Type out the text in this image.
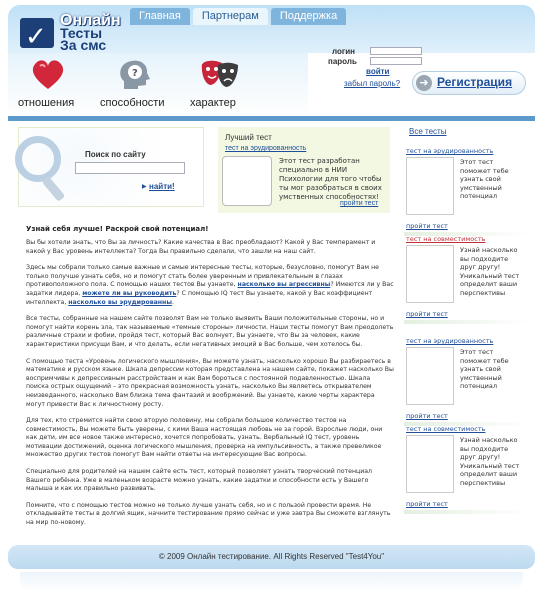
✓
Онлайн
Тесты
За смс
Главная	Партнерам	Поддержка
отношения
?
способности характер
логин
пароль
войти
забыл пароль?	➜ Регистрация
Поиск по сайту
▶ найти!
Лучший тест
тест на эрудированность
Этот тест разработан специально в НИИ Психологии для того чтобы ты мог разобраться в своих умственных способностях!
пройти тест
Узнай себя лучше! Раскрой свой потенциал!

Вы бы хотели знать, что Вы за личность? Какие качества в Вас преобладают? Какой у Вас темперамент и какой у Вас уровень интеллекта? Тогда Вы правильно сделали, что зашли на наш сайт.

Здесь мы собрали только самые важные и самые интересные тесты, которые, безусловно, помогут Вам не только получше узнать себя, но и помогут стать более уверенным и привлекательным в глазах противоположного пола. С помощью наших тестов Вы узнаете, насколько вы агрессивны? Имеются ли у Вас задатки лидера, можете ли вы руководить? С помощью IQ тест Вы узнаете, какой у Вас коэффициент интеллекта, насколько вы эрудированны.

Все тесты, собранные на нашем сайте позволят Вам не только выявить Ваши положительные стороны, но и помогут найти корень зла, так называемые «темные стороны» личности. Наши тесты помогут Вам преодолеть различные страхи и фобии, пройдя тест, который Вас волнует, Вы узнаете, что Вы за человек, какие характеристики присущи Вам, и что делать, если негативных эмоций в Вас больше, чем хотелось бы.

С помощью теста «Уровень логического мышления», Вы можете узнать, насколько хорошо Вы разбираетесь в математике и русском языке. Шкала депрессии которая представлена на нашем сайте, покажет насколько Вы воспримчивы к депрессивным расстройствам и как Вам бороться с постоянной подавленностью. Шкала поиска острых ощущений – это прекрасная возможность узнать, насколько Вы являетесь открывателем неизведанного, насколько Вам близка тема фантазий и вообржений. Вы узнаете, какие черты характера могут привести Вас к личностному росту.

Для тех, кто стремится найти свою вторую половину, мы собрали большое количество тестов на совместимость, Вы можете быть уверены, с кими Ваша настоящая любовь не за горой. Взрослые люди, они как дети, им все новое также интересно, хочется попробовать, узнать. Вербальный IQ тест, уровень мотивации достижений, оценка логического мышления, проверка на импульсивность, а также превеликое множество других тестов помогут Вам найти ответы на интересующие Вас вопросы.

Специально для родителей на нашем сайте есть тест, который позволяет узнать творческий потенциал Вашего ребёнка. Уже в маленьком возрасте можно узнать, какие задатки и способности есть у Вашего малыша и как их правильно развивать.

Помните, что с помощью тестов можно не только лучше узнать себя, но и с пользой провести время. Не откладывайте тесты в долгий ящик, начните тестирование прямо сейчас и уже завтра Вы сможете взглянуть на мир по-новому.

Все тесты
тест на эрудированность
Этот тест поможет тебе узнать свой умственный потенциал
пройти тест
тест на совместимость
Узнай насколько вы подходите друг другу! Уникальный тест определит ваши перспективы
пройти тест
тест на эрудированность
Этот тест поможет тебе узнать свой умственный потенциал
пройти тест
тест на совместимость
Узнай насколько вы подходите друг другу! Уникальный тест определит ваши перспективы
пройти тест
© 2009 Онлайн тестирование. All Rights Reserved "Test4You"
